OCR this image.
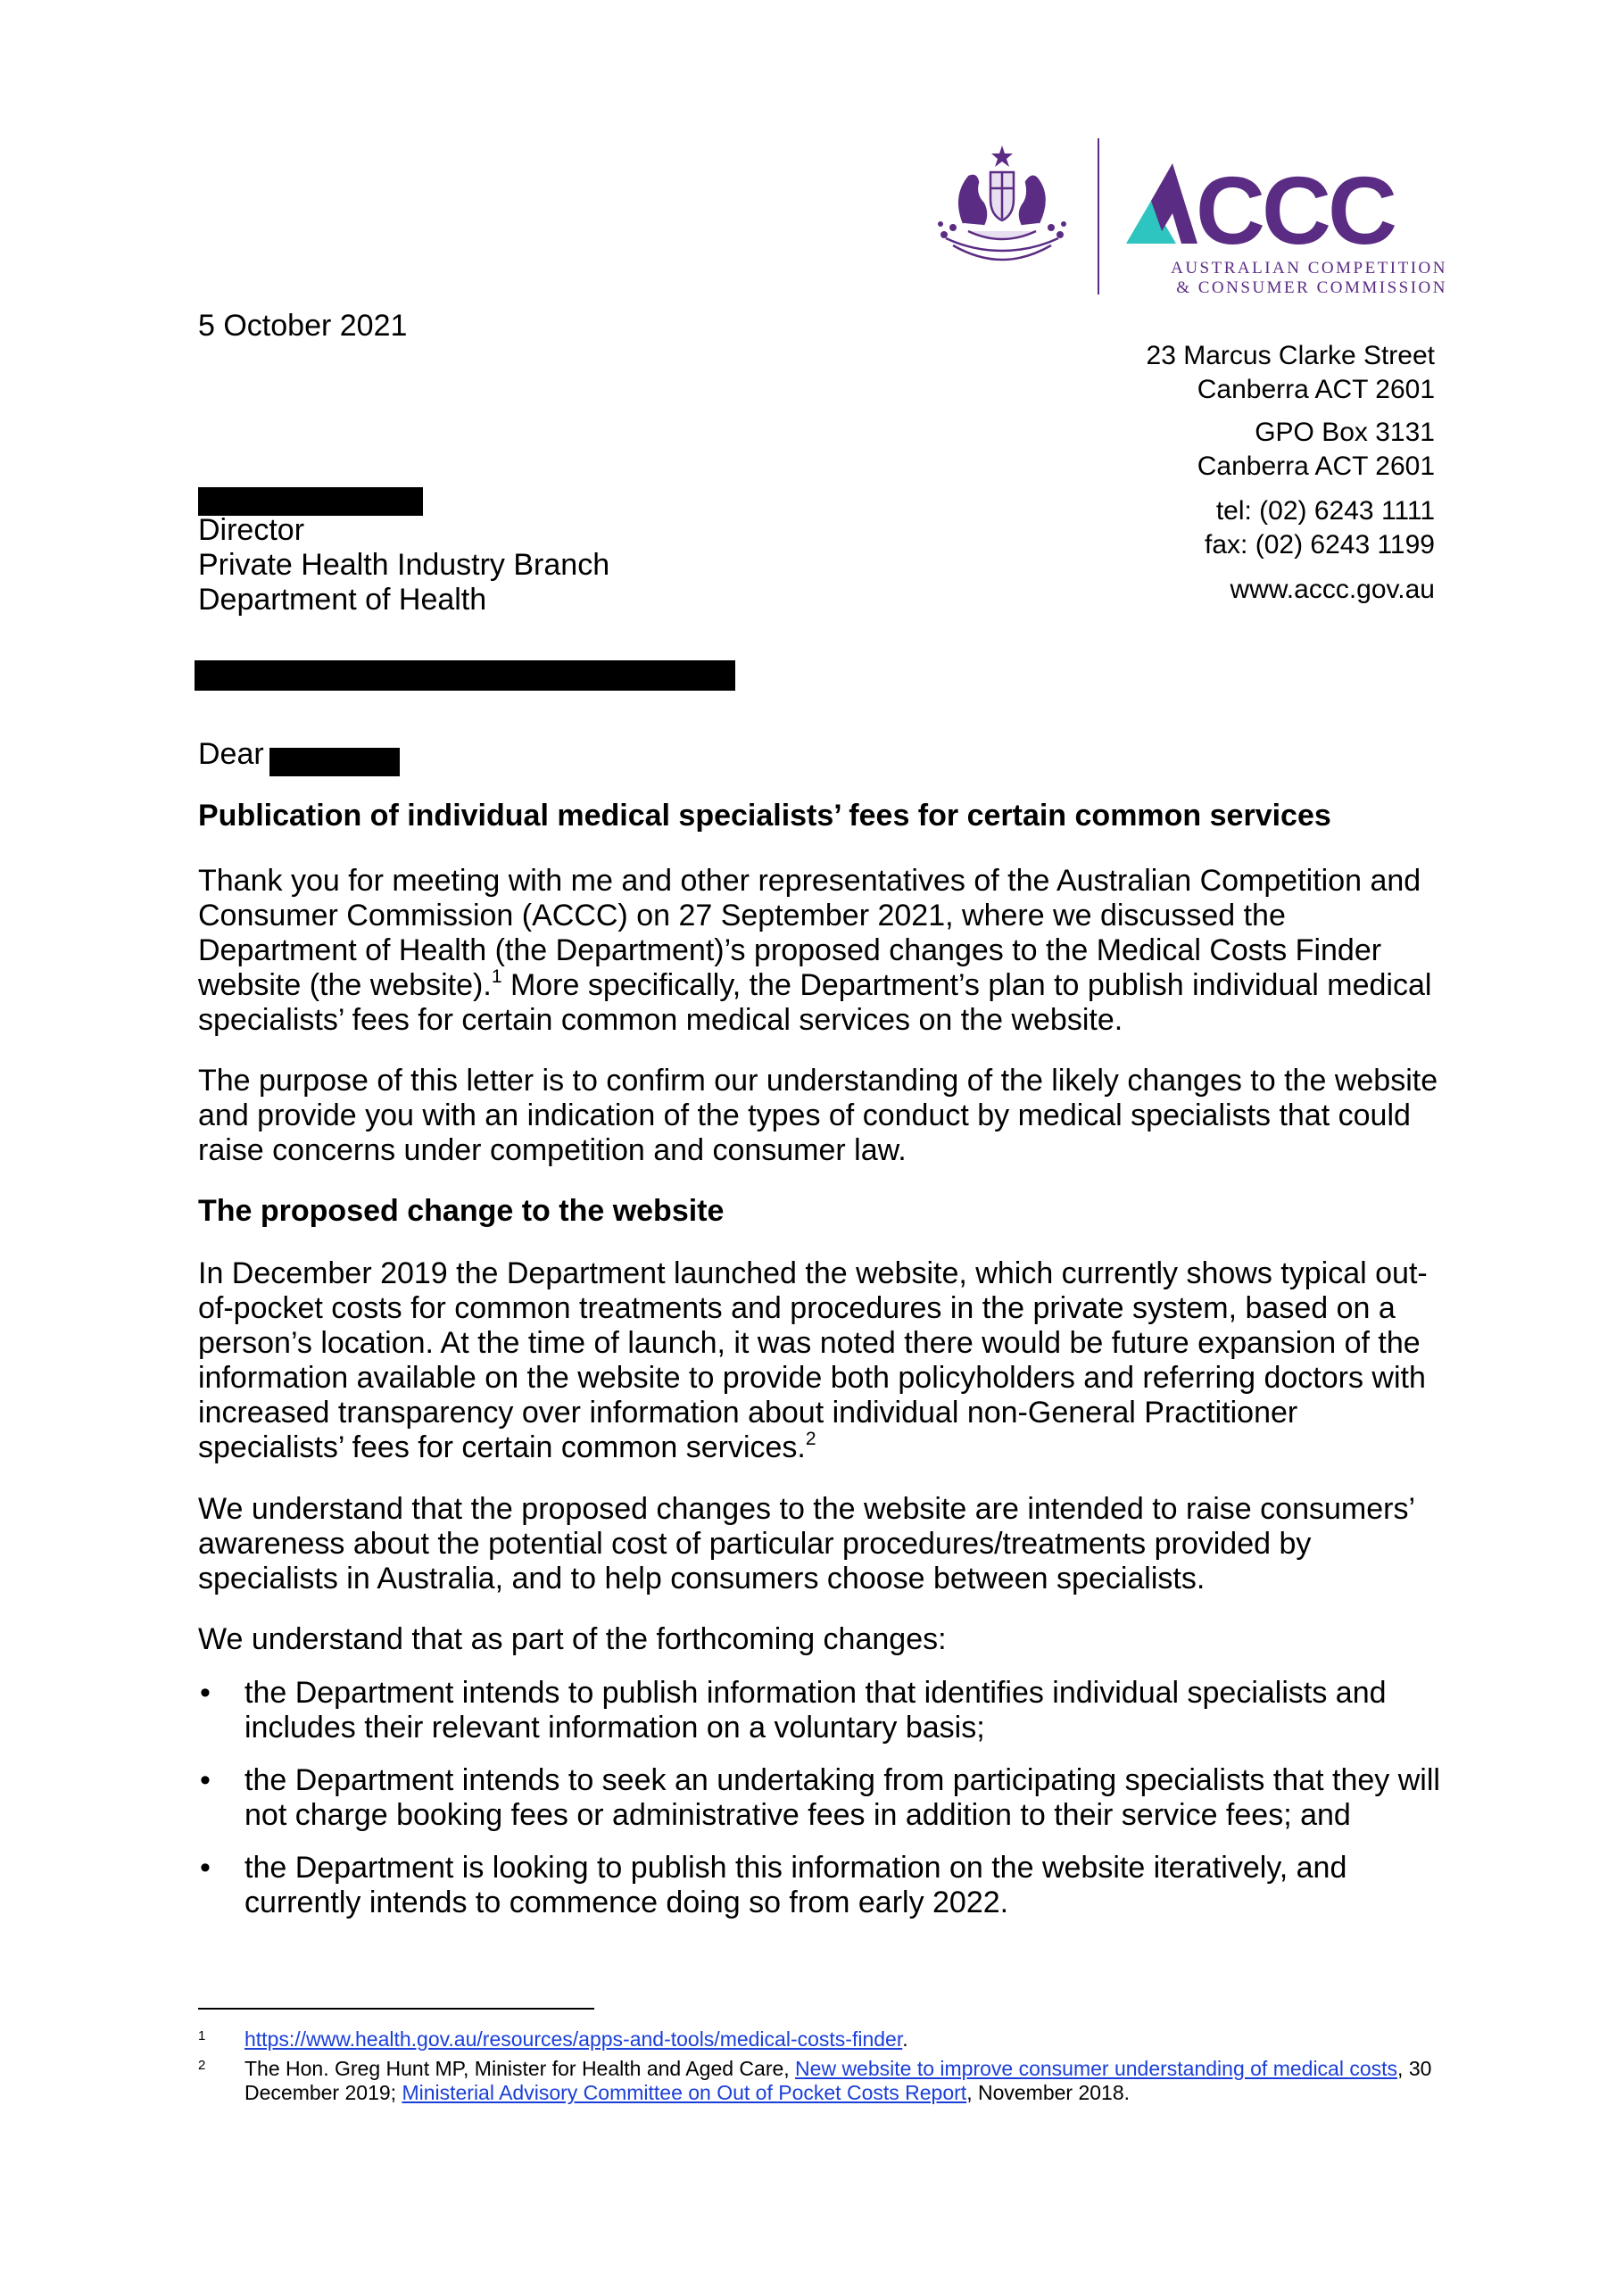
CCC
AUSTRALIAN COMPETITION
& CONSUMER COMMISSION
5 October 2021
23 Marcus Clarke Street
Canberra ACT 2601
GPO Box 3131
Canberra ACT 2601
tel: (02) 6243 1111
fax: (02) 6243 1199
www.accc.gov.au
Director
Private Health Industry Branch
Department of Health
Dear
Publication of individual medical specialists’ fees for certain common services

Thank you for meeting with me and other representatives of the Australian Competition and Consumer Commission (ACCC) on 27 September 2021, where we discussed the Department of Health (the Department)’s proposed changes to the Medical Costs Finder website (the website).$^1$ More specifically, the Department’s plan to publish individual medical specialists’ fees for certain common medical services on the website.

The purpose of this letter is to confirm our understanding of the likely changes to the website and provide you with an indication of the types of conduct by medical specialists that could raise concerns under competition and consumer law.
The proposed change to the website

In December 2019 the Department launched the website, which currently shows typical out-of-pocket costs for common treatments and procedures in the private system, based on a person’s location. At the time of launch, it was noted there would be future expansion of the information available on the website to provide both policyholders and referring doctors with increased transparency over information about individual non-General Practitioner specialists’ fees for certain common services.$^2$

We understand that the proposed changes to the website are intended to raise consumers’ awareness about the potential cost of particular procedures/treatments provided by specialists in Australia, and to help consumers choose between specialists.
We understand that as part of the forthcoming changes:
• the Department intends to publish information that identifies individual specialists and includes their relevant information on a voluntary basis;
• the Department intends to seek an undertaking from participating specialists that they will not charge booking fees or administrative fees in addition to their service fees; and
• the Department is looking to publish this information on the website iteratively, and currently intends to commence doing so from early 2022.
1	https://www.health.gov.au/resources/apps-and-tools/medical-costs-finder.
2	The Hon. Greg Hunt MP, Minister for Health and Aged Care, New website to improve consumer understanding of medical costs, 30 December 2019; Ministerial Advisory Committee on Out of Pocket Costs Report, November 2018.
